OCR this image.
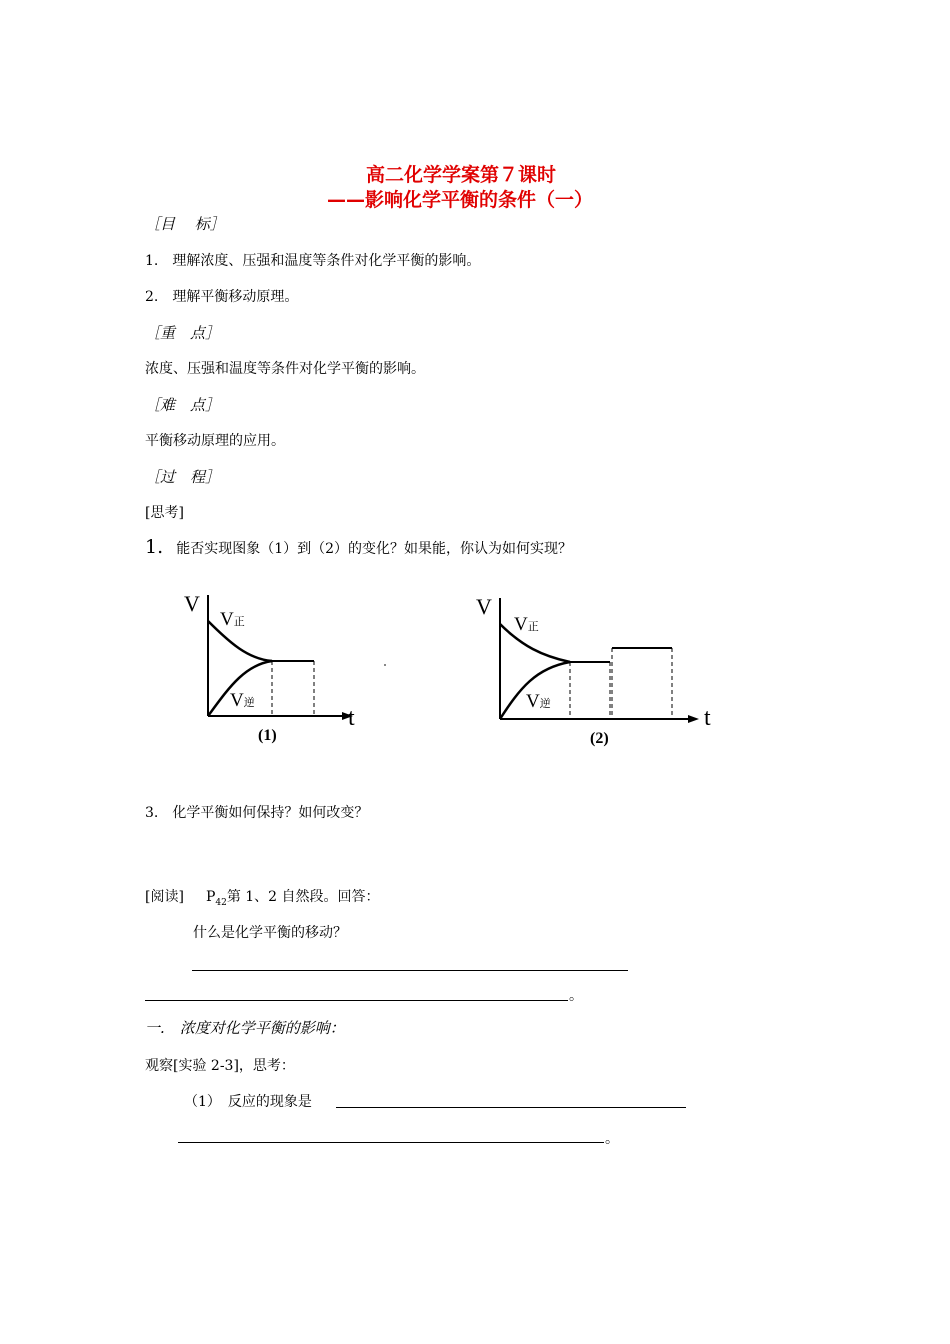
高二化学学案第７课时
——影响化学平衡的条件（一）
［目　 标］
1.　理解浓度、压强和温度等条件对化学平衡的影响。
2.　理解平衡移动原理。
［重　点］
浓度、压强和温度等条件对化学平衡的影响。
［难　点］
平衡移动原理的应用。
［过　程］
[思考]
1. 能否实现图象（1）到（2）的变化？如果能，你认为如何实现？
V
t
V正
V逆
(1)
V
t
V正
V逆
(2)
3.　化学平衡如何保持？如何改变？
[阅读] $P_{42}$第 1、2 自然段。回答：
什么是化学平衡的移动？
。
一.　浓度对化学平衡的影响：
观察[实验 2-3]，思考：
（1）　反应的现象是
。
